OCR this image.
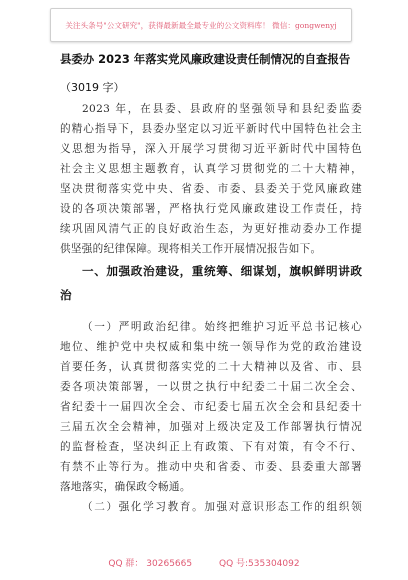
关注头条号"公文研究"，获得最新最全最专业的公文资料库！ 微信：gongwenyj
县委办 2023 年落实党风廉政建设责任制情况的自查报告
（3019 字）
2023 年，在县委、县政府的坚强领导和县纪委监委
的精心指导下，县委办坚定以习近平新时代中国特色社会主
义思想为指导，深入开展学习贯彻习近平新时代中国特色
社会主义思想主题教育，认真学习贯彻党的二十大精神，
坚决贯彻落实党中央、省委、市委、县委关于党风廉政建
设的各项决策部署，严格执行党风廉政建设工作责任，持
续巩固风清气正的良好政治生态，为更好推动委办工作提
供坚强的纪律保障。现将相关工作开展情况报告如下。
一、加强政治建设，重统筹、细谋划，旗帜鲜明讲政
治
（一）严明政治纪律。始终把维护习近平总书记核心
地位、维护党中央权威和集中统一领导作为党的政治建设
首要任务，认真贯彻落实党的二十大精神以及省、市、县
委各项决策部署，一以贯之执行中纪委二十届二次全会、
省纪委十一届四次全会、市纪委七届五次全会和县纪委十
三届五次全会精神，加强对上级决定及工作部署执行情况
的监督检查，坚决纠正上有政策、下有对策，有令不行、
有禁不止等行为。推动中央和省委、市委、县委重大部署
落地落实，确保政令畅通。
（二）强化学习教育。加强对意识形态工作的组织领
QQ 群： 30265665	QQ 号:535304092
